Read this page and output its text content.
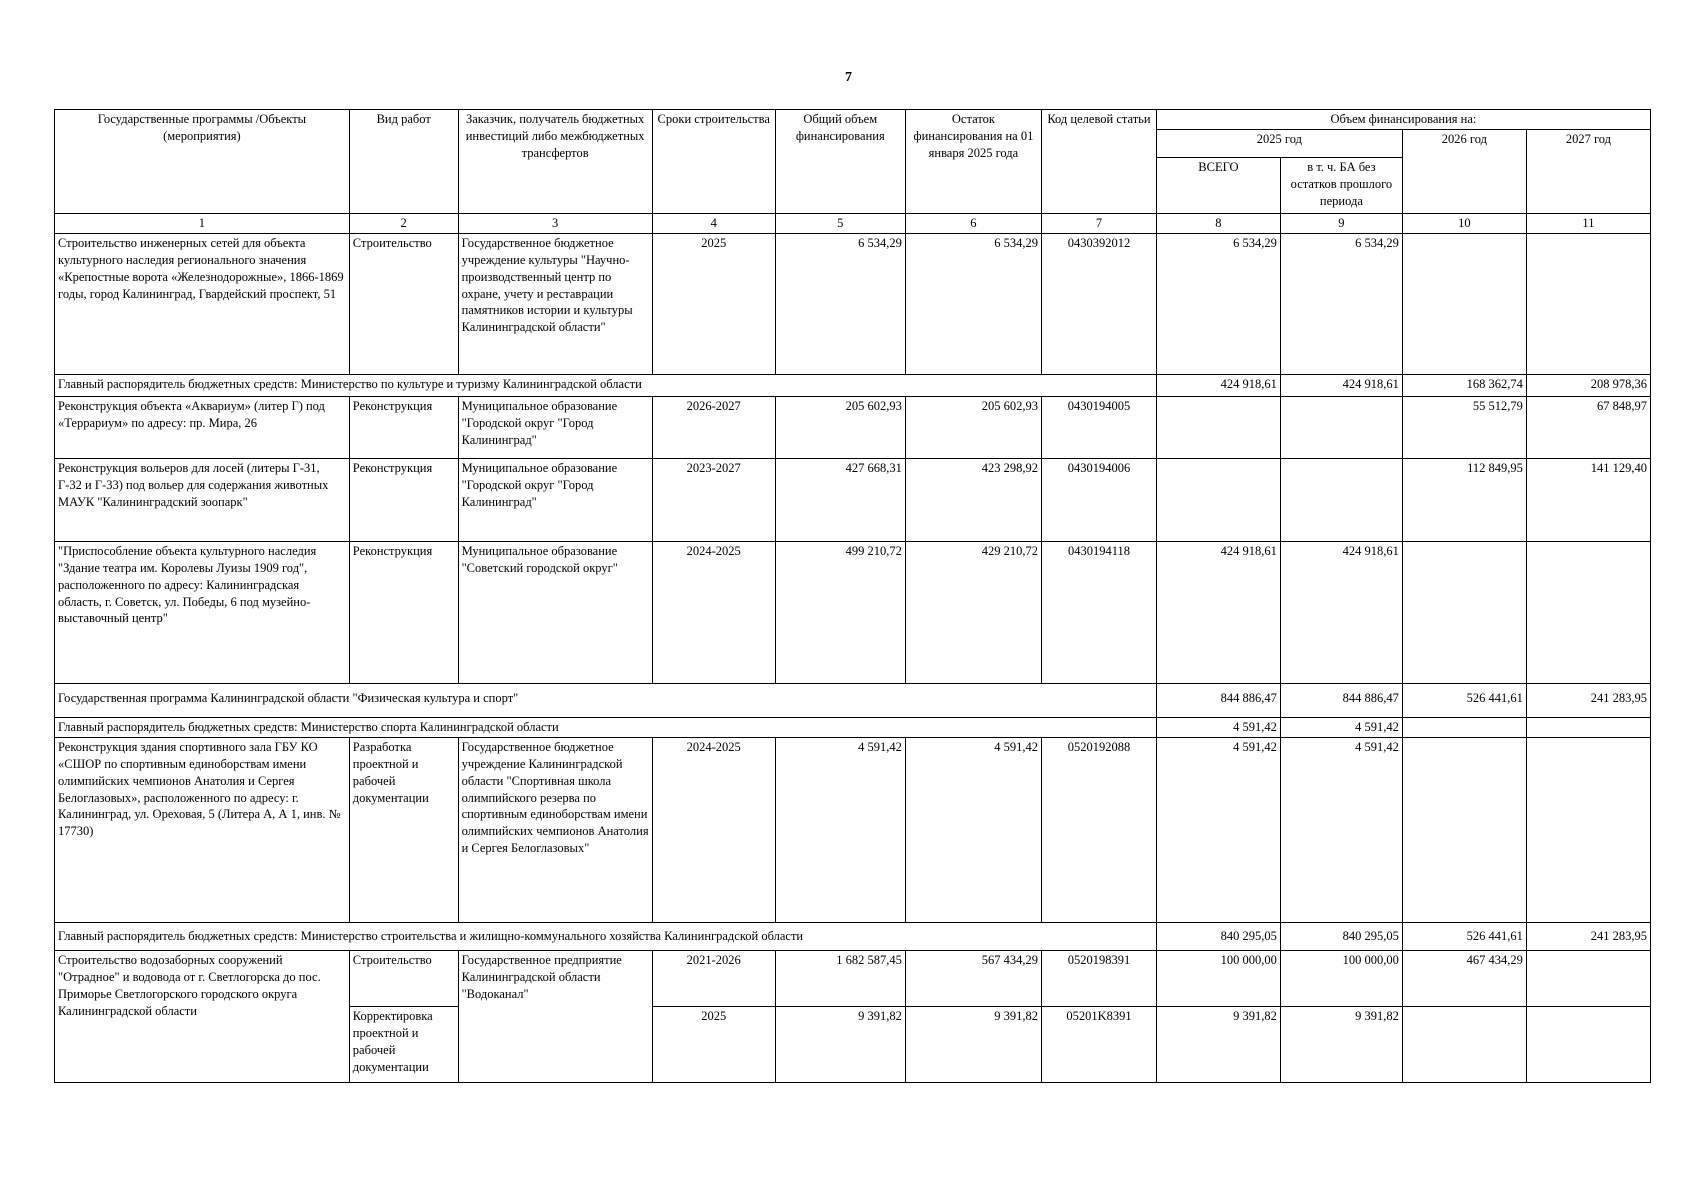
7
Государственные программы /Объекты (мероприятия)	Вид работ	Заказчик, получатель бюджетных инвестиций либо межбюджетных трансфертов	Сроки строительства	Общий объем финансирования	Остаток финансирования на 01 января 2025 года	Код целевой статьи	Объем финансирования на:			
							2025 год		2026 год	2027 год
							ВСЕГО	в т. ч. БА без остатков прошлого периода		
1	2	3	4	5	6	7	8	9	10	11
Строительство инженерных сетей для объекта культурного наследия регионального значения «Крепостные ворота «Железнодорожные», 1866-1869 годы, город Калининград, Гвардейский проспект, 51	Строительство	Государственное бюджетное учреждение культуры "Научно-производственный центр по охране, учету и реставрации памятников истории и культуры Калининградской области"	2025	6 534,29	6 534,29	0430392012	6 534,29	6 534,29		
Главный распорядитель бюджетных средств: Министерство по культуре и туризму Калининградской области							424 918,61	424 918,61	168 362,74	208 978,36
Реконструкция объекта «Аквариум» (литер Г) под «Террариум» по адресу: пр. Мира, 26	Реконструкция	Муниципальное образование "Городской округ "Город Калининград"	2026-2027	205 602,93	205 602,93	0430194005			55 512,79	67 848,97
Реконструкция вольеров для лосей (литеры Г-31, Г-32 и Г-33) под вольер для содержания животных МАУК "Калининградский зоопарк"	Реконструкция	Муниципальное образование "Городской округ "Город Калининград"	2023-2027	427 668,31	423 298,92	0430194006			112 849,95	141 129,40
"Приспособление объекта культурного наследия "Здание театра им. Королевы Луизы 1909 год", расположенного по адресу: Калининградская область, г. Советск, ул. Победы, 6 под музейно-выставочный центр"	Реконструкция	Муниципальное образование "Советский городской округ"	2024-2025	499 210,72	429 210,72	0430194118	424 918,61	424 918,61		
Государственная программа Калининградской области "Физическая культура и спорт"							844 886,47	844 886,47	526 441,61	241 283,95
Главный распорядитель бюджетных средств: Министерство спорта Калининградской области							4 591,42	4 591,42		
Реконструкция здания спортивного зала ГБУ КО «СШОР по спортивным единоборствам имени олимпийских чемпионов Анатолия и Сергея Белоглазовых», расположенного по адресу: г. Калининград, ул. Ореховая, 5 (Литера А, А 1, инв. № 17730)	Разработка проектной и рабочей документации	Государственное бюджетное учреждение Калининградской области "Спортивная школа олимпийского резерва по спортивным единоборствам имени олимпийских чемпионов Анатолия и Сергея Белоглазовых"	2024-2025	4 591,42	4 591,42	0520192088	4 591,42	4 591,42		
Главный распорядитель бюджетных средств: Министерство строительства и жилищно-коммунального хозяйства Калининградской области							840 295,05	840 295,05	526 441,61	241 283,95
Строительство водозаборных сооружений "Отрадное" и водовода от г. Светлогорска до пос. Приморье Светлогорского городского округа Калининградской области	Строительство	Государственное предприятие Калининградской области "Водоканал"	2021-2026	1 682 587,45	567 434,29	0520198391	100 000,00	100 000,00	467 434,29	
	Корректировка проектной и рабочей документации		2025	9 391,82	9 391,82	05201K8391	9 391,82	9 391,82		
